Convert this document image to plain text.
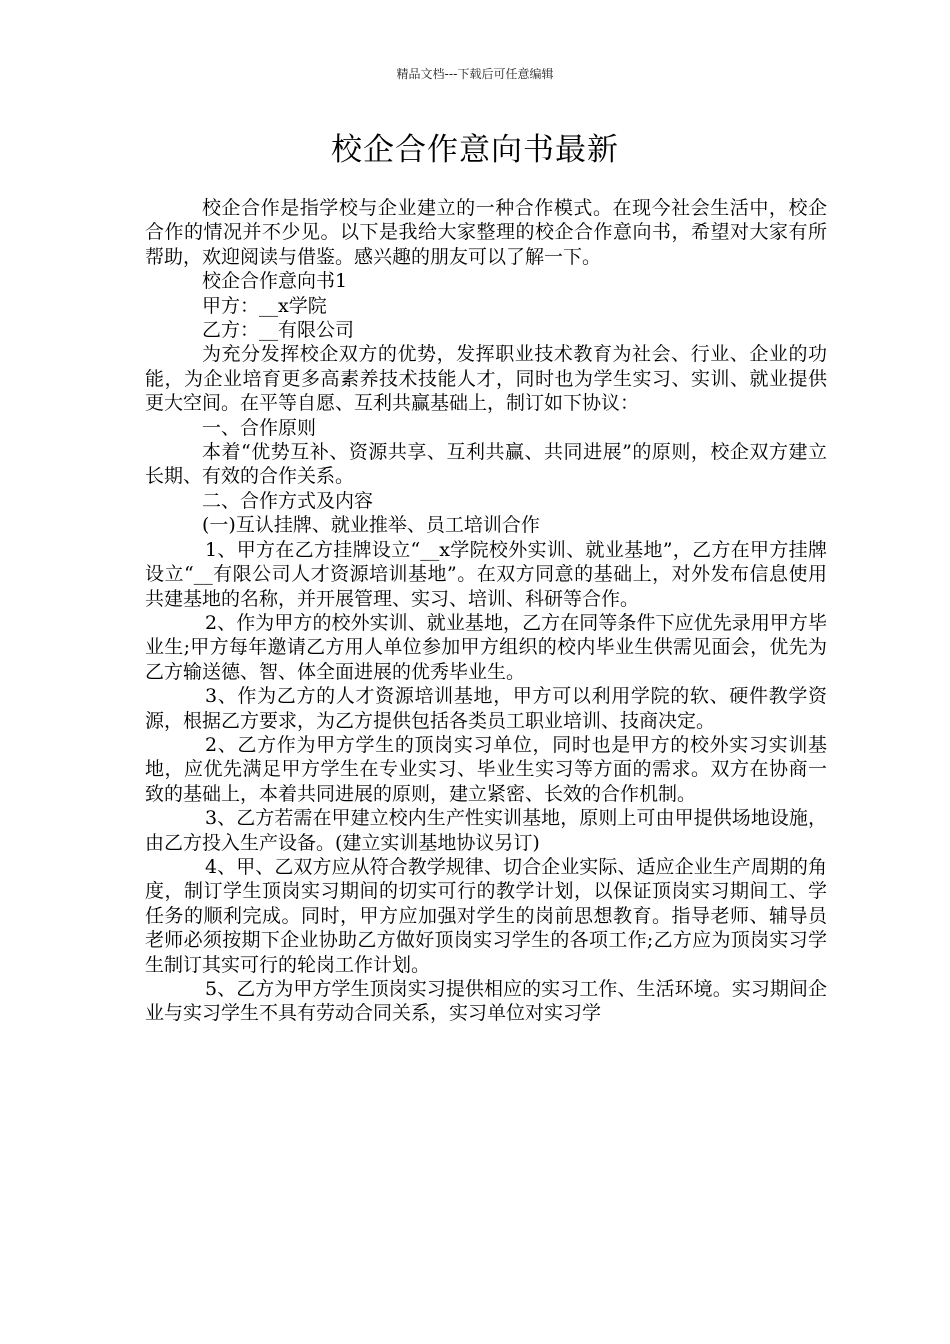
精品文档---下载后可任意编辑
校企合作意向书最新

校企合作是指学校与企业建立的一种合作模式。在现今社会生活中，校企合作的情况并不少见。以下是我给大家整理的校企合作意向书，希望对大家有所帮助，欢迎阅读与借鉴。感兴趣的朋友可以了解一下。

校企合作意向书1

甲方：__x学院

乙方：__有限公司

为充分发挥校企双方的优势，发挥职业技术教育为社会、行业、企业的功能，为企业培育更多高素养技术技能人才，同时也为学生实习、实训、就业提供更大空间。在平等自愿、互利共赢基础上，制订如下协议：

一、合作原则

本着“优势互补、资源共享、互利共赢、共同进展”的原则，校企双方建立长期、有效的合作关系。

二、合作方式及内容

(一)互认挂牌、就业推举、员工培训合作

1、甲方在乙方挂牌设立“__x学院校外实训、就业基地”，乙方在甲方挂牌设立“__有限公司人才资源培训基地”。在双方同意的基础上，对外发布信息使用共建基地的名称，并开展管理、实习、培训、科研等合作。

2、作为甲方的校外实训、就业基地，乙方在同等条件下应优先录用甲方毕业生;甲方每年邀请乙方用人单位参加甲方组织的校内毕业生供需见面会，优先为乙方输送德、智、体全面进展的优秀毕业生。

3、作为乙方的人才资源培训基地，甲方可以利用学院的软、硬件教学资源，根据乙方要求，为乙方提供包括各类员工职业培训、技商决定。

2、乙方作为甲方学生的顶岗实习单位，同时也是甲方的校外实习实训基地，应优先满足甲方学生在专业实习、毕业生实习等方面的需求。双方在协商一致的基础上，本着共同进展的原则，建立紧密、长效的合作机制。

3、乙方若需在甲建立校内生产性实训基地，原则上可由甲提供场地设施，由乙方投入生产设备。(建立实训基地协议另订)

4、甲、乙双方应从符合教学规律、切合企业实际、适应企业生产周期的角度，制订学生顶岗实习期间的切实可行的教学计划，以保证顶岗实习期间工、学任务的顺利完成。同时，甲方应加强对学生的岗前思想教育。指导老师、辅导员老师必须按期下企业协助乙方做好顶岗实习学生的各项工作;乙方应为顶岗实习学生制订其实可行的轮岗工作计划。

5、乙方为甲方学生顶岗实习提供相应的实习工作、生活环境。实习期间企业与实习学生不具有劳动合同关系，实习单位对实习学
